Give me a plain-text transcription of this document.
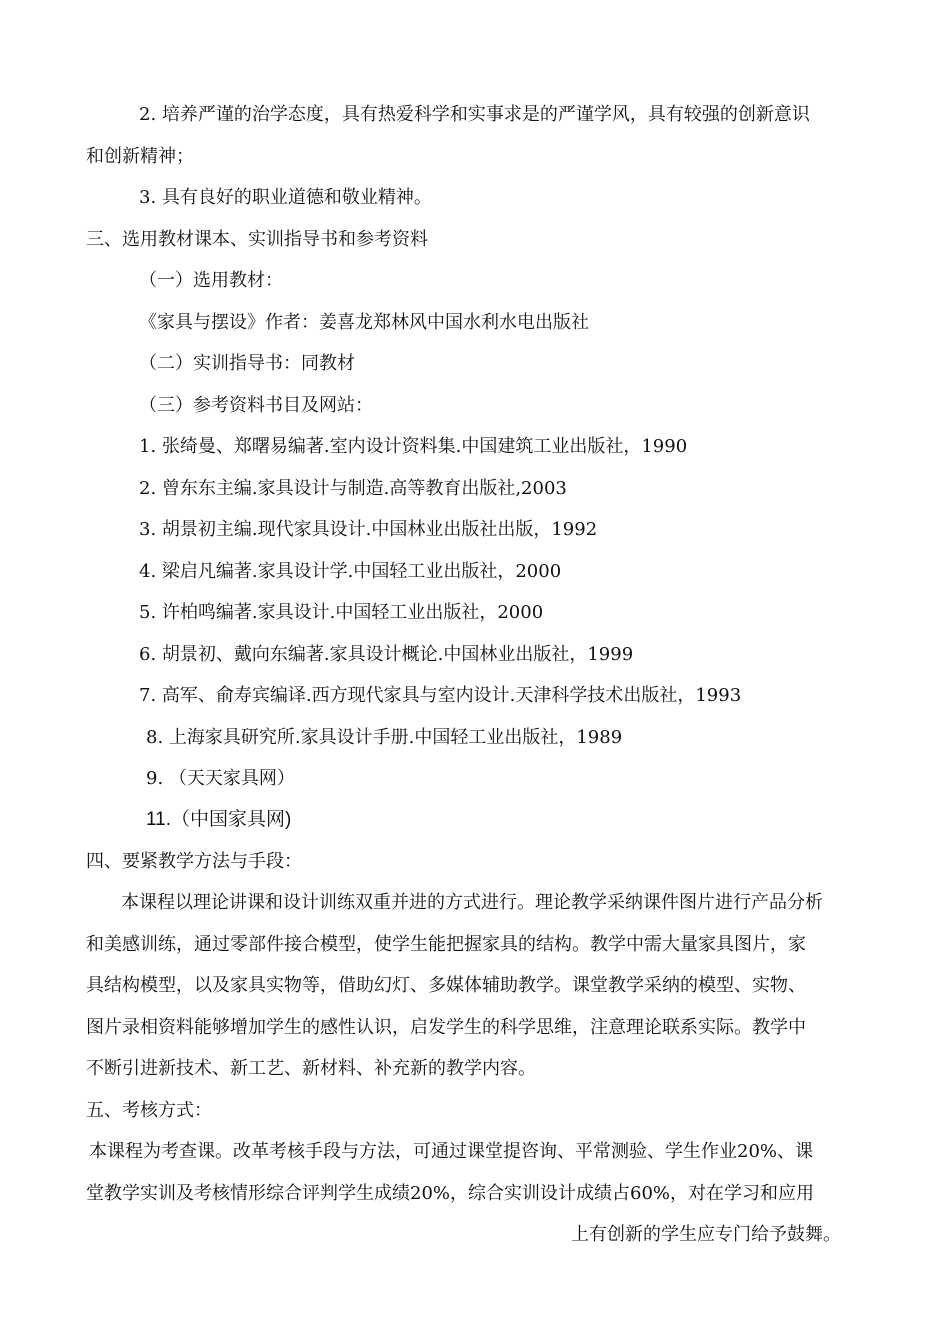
2. 培养严谨的治学态度，具有热爱科学和实事求是的严谨学风，具有较强的创新意识
和创新精神；
3. 具有良好的职业道德和敬业精神。
三、选用教材课本、实训指导书和参考资料
（一）选用教材：
《家具与摆设》作者：姜喜龙郑林风中国水利水电出版社
（二）实训指导书：同教材
（三）参考资料书目及网站：
1. 张绮曼、郑曙易编著.室内设计资料集.中国建筑工业出版社，1990
2. 曾东东主编.家具设计与制造.高等教育出版社,2003
3. 胡景初主编.现代家具设计.中国林业出版社出版，1992
4. 梁启凡编著.家具设计学.中国轻工业出版社，2000
5. 许柏鸣编著.家具设计.中国轻工业出版社，2000
6. 胡景初、戴向东编著.家具设计概论.中国林业出版社，1999
7. 高军、俞寿宾编译.西方现代家具与室内设计.天津科学技术出版社，1993
8. 上海家具研究所.家具设计手册.中国轻工业出版社，1989
9. （天天家具网）
11.（中国家具网)
四、要紧教学方法与手段：
本课程以理论讲课和设计训练双重并进的方式进行。理论教学采纳课件图片进行产品分析
和美感训练，通过零部件接合模型，使学生能把握家具的结构。教学中需大量家具图片，家
具结构模型，以及家具实物等，借助幻灯、多媒体辅助教学。课堂教学采纳的模型、实物、
图片录相资料能够增加学生的感性认识，启发学生的科学思维，注意理论联系实际。教学中
不断引进新技术、新工艺、新材料、补充新的教学内容。
五、考核方式：
本课程为考查课。改革考核手段与方法，可通过课堂提咨询、平常测验、学生作业20%、课
堂教学实训及考核情形综合评判学生成绩20%，综合实训设计成绩占60%，对在学习和应用
上有创新的学生应专门给予鼓舞。
